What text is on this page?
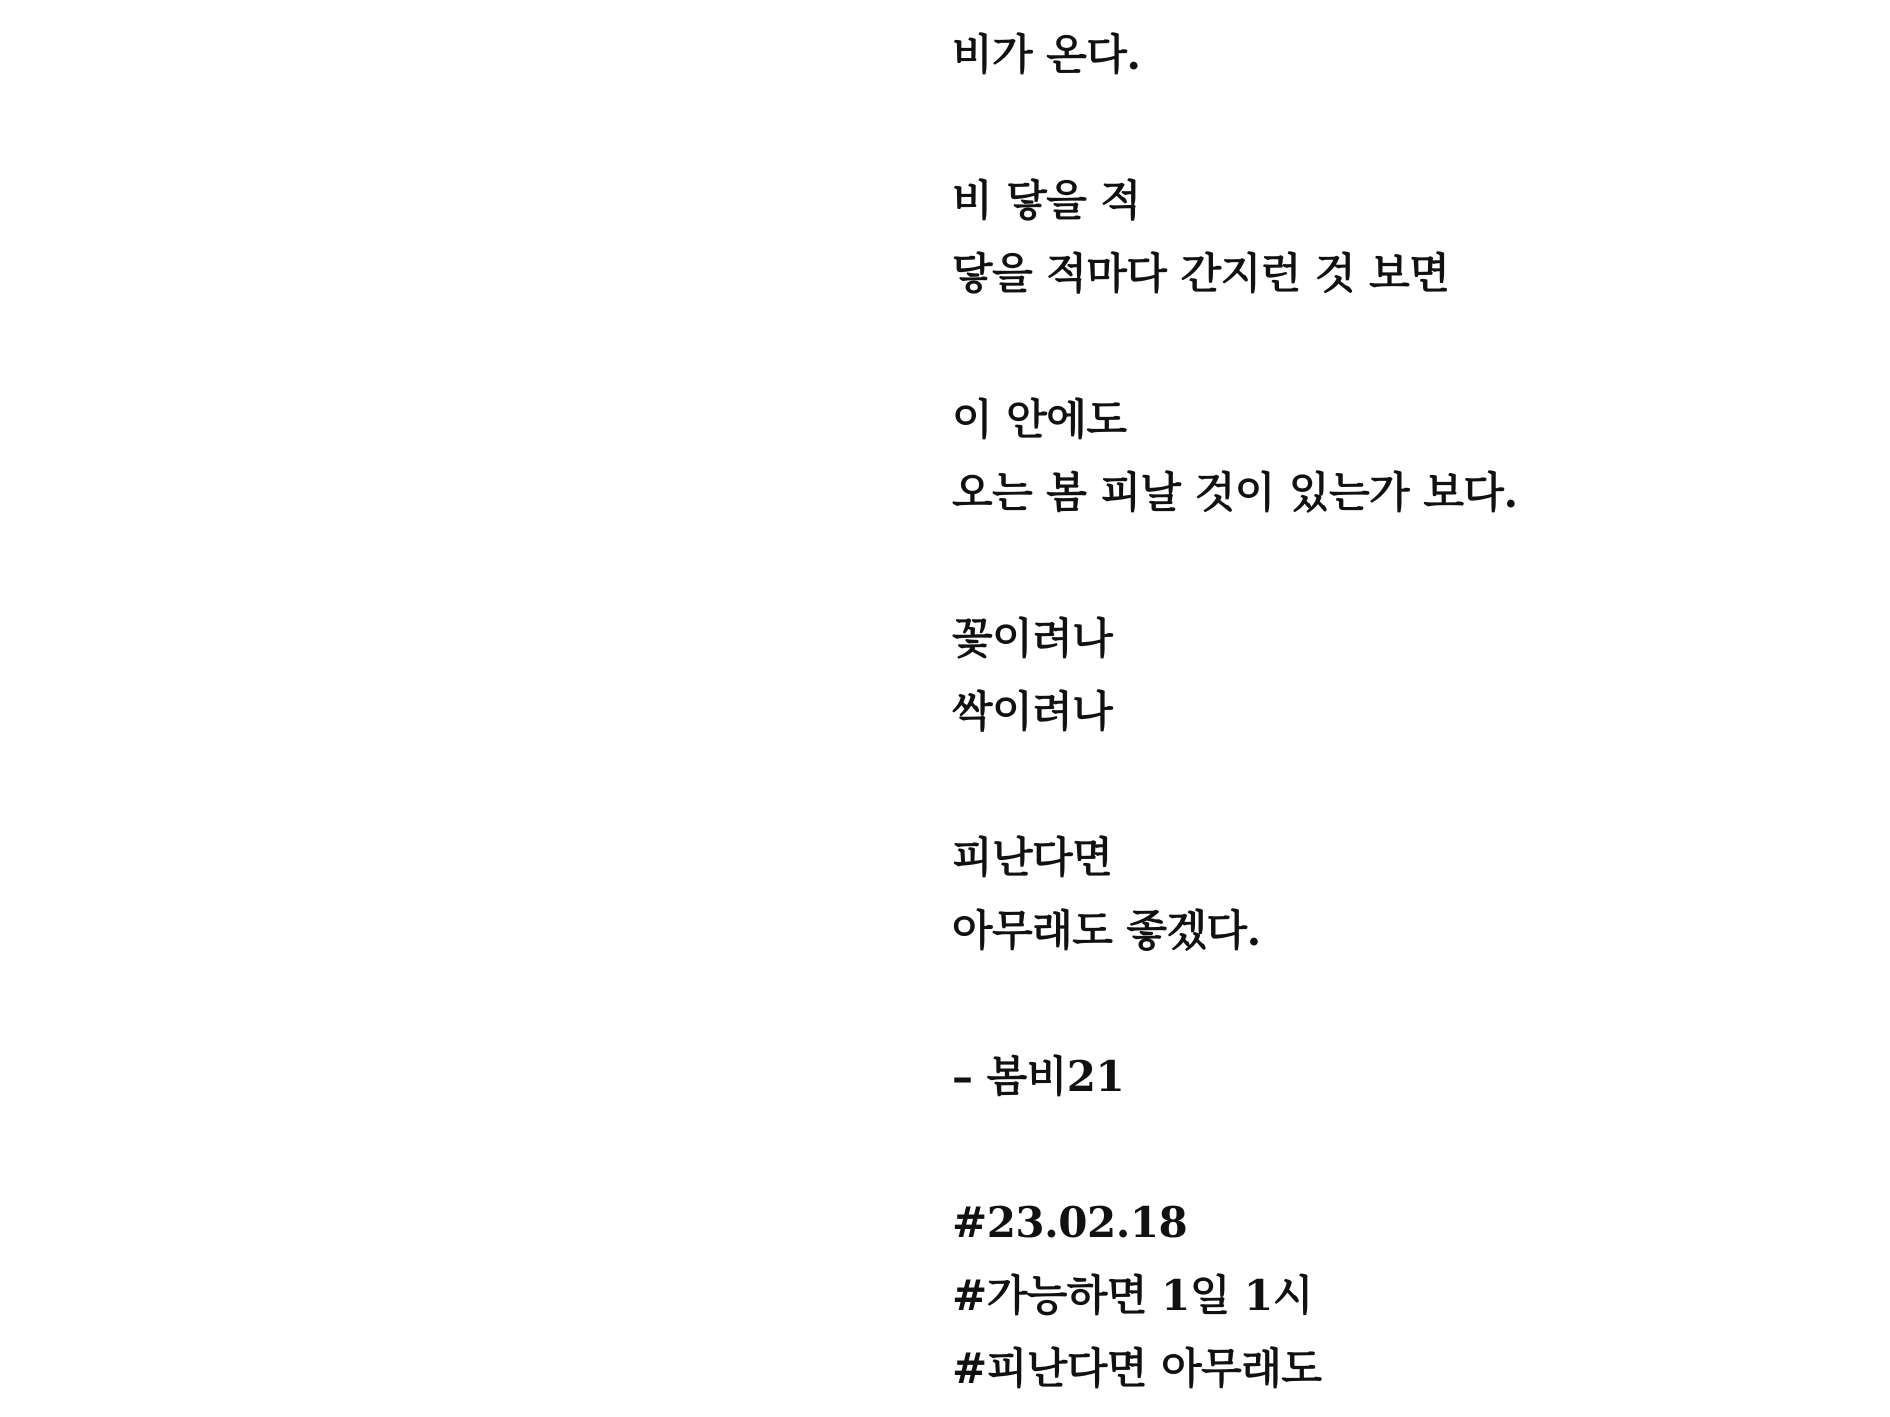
비가 온다.
비 닿을 적
닿을 적마다 간지런 것 보면
이 안에도
오는 봄 피날 것이 있는가 보다.
꽃이려나
싹이려나
피난다면
아무래도 좋겠다.
– 봄비21
#23.02.18
#가능하면 1일 1시
#피난다면 아무래도
